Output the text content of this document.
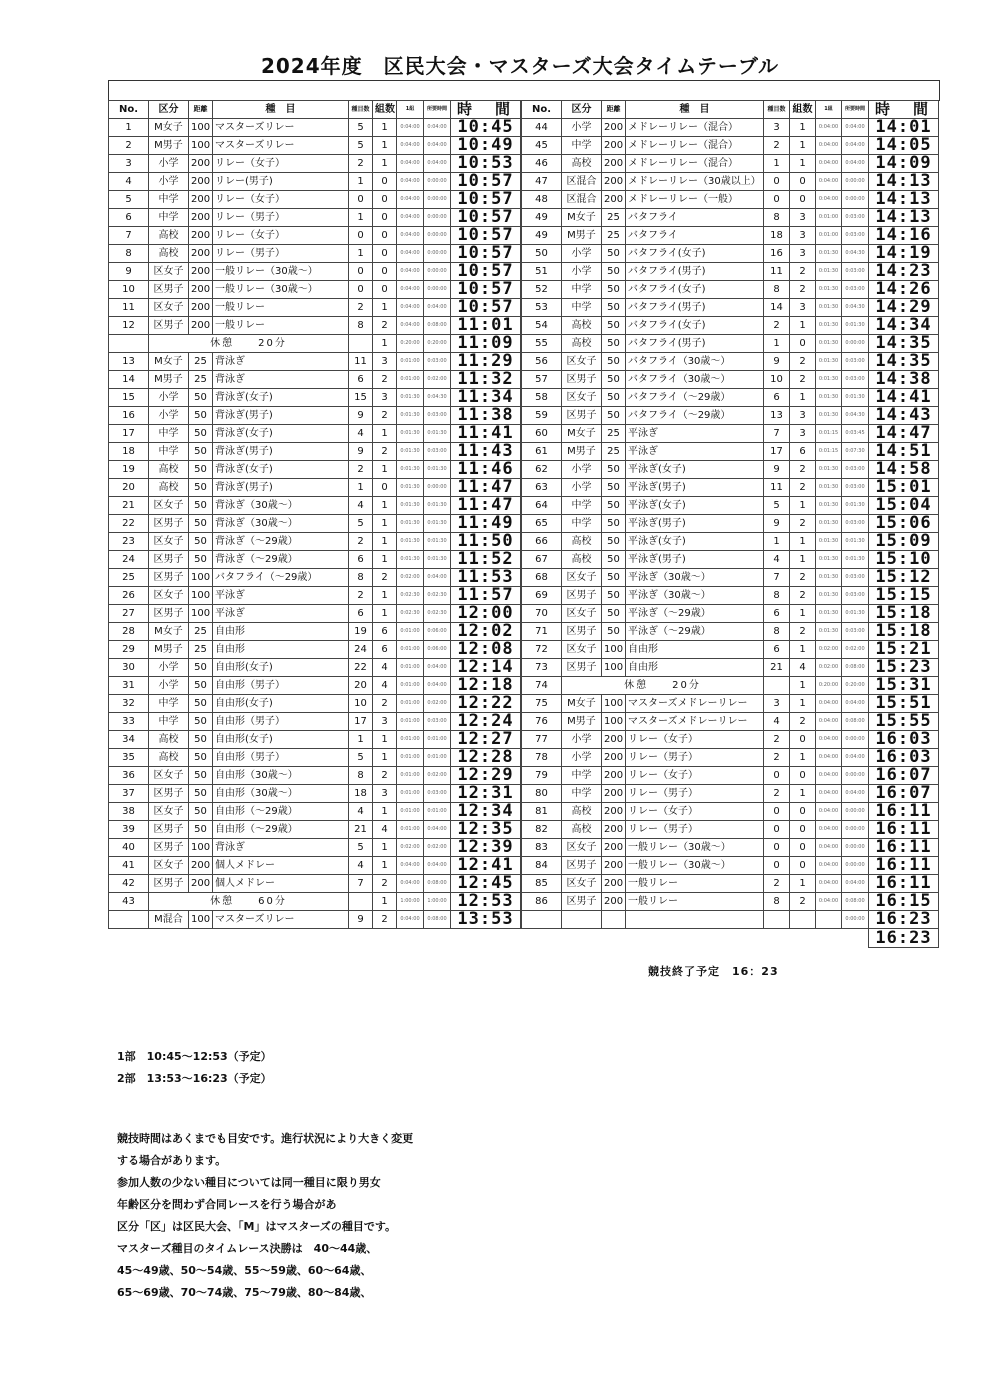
2024年度　区民大会・マスターズ大会タイムテーブル
No.	区分	距離	種　目	種目数	組数	1組	所要時間	時　間
1	M女子	100	マスターズリレー	5	1	0:04:00	0:04:00	10:45
2	M男子	100	マスターズリレー	5	1	0:04:00	0:04:00	10:49
3	小学	200	リレー（女子）	2	1	0:04:00	0:04:00	10:53
4	小学	200	リレー(男子)	1	0	0:04:00	0:00:00	10:57
5	中学	200	リレー（女子）	0	0	0:04:00	0:00:00	10:57
6	中学	200	リレー（男子）	1	0	0:04:00	0:00:00	10:57
7	高校	200	リレー（女子）	0	0	0:04:00	0:00:00	10:57
8	高校	200	リレー（男子）	1	0	0:04:00	0:00:00	10:57
9	区女子	200	一般リレー（30歳～）	0	0	0:04:00	0:00:00	10:57
10	区男子	200	一般リレー（30歳～）	0	0	0:04:00	0:00:00	10:57
11	区女子	200	一般リレー	2	1	0:04:00	0:04:00	10:57
12	区男子	200	一般リレー	8	2	0:04:00	0:08:00	11:01
	休憩　　20分				1	0:20:00	0:20:00	11:09
13	M女子	25	背泳ぎ	11	3	0:01:00	0:03:00	11:29
14	M男子	25	背泳ぎ	6	2	0:01:00	0:02:00	11:32
15	小学	50	背泳ぎ(女子)	15	3	0:01:30	0:04:30	11:34
16	小学	50	背泳ぎ(男子)	9	2	0:01:30	0:03:00	11:38
17	中学	50	背泳ぎ(女子)	4	1	0:01:30	0:01:30	11:41
18	中学	50	背泳ぎ(男子)	9	2	0:01:30	0:03:00	11:43
19	高校	50	背泳ぎ(女子)	2	1	0:01:30	0:01:30	11:46
20	高校	50	背泳ぎ(男子)	1	0	0:01:30	0:00:00	11:47
21	区女子	50	背泳ぎ（30歳～）	4	1	0:01:30	0:01:30	11:47
22	区男子	50	背泳ぎ（30歳～）	5	1	0:01:30	0:01:30	11:49
23	区女子	50	背泳ぎ（～29歳）	2	1	0:01:30	0:01:30	11:50
24	区男子	50	背泳ぎ（～29歳）	6	1	0:01:30	0:01:30	11:52
25	区男子	100	バタフライ（～29歳）	8	2	0:02:00	0:04:00	11:53
26	区女子	100	平泳ぎ	2	1	0:02:30	0:02:30	11:57
27	区男子	100	平泳ぎ	6	1	0:02:30	0:02:30	12:00
28	M女子	25	自由形	19	6	0:01:00	0:06:00	12:02
29	M男子	25	自由形	24	6	0:01:00	0:06:00	12:08
30	小学	50	自由形(女子)	22	4	0:01:00	0:04:00	12:14
31	小学	50	自由形（男子）	20	4	0:01:00	0:04:00	12:18
32	中学	50	自由形(女子)	10	2	0:01:00	0:02:00	12:22
33	中学	50	自由形（男子）	17	3	0:01:00	0:03:00	12:24
34	高校	50	自由形(女子)	1	1	0:01:00	0:01:00	12:27
35	高校	50	自由形（男子）	5	1	0:01:00	0:01:00	12:28
36	区女子	50	自由形（30歳～）	8	2	0:01:00	0:02:00	12:29
37	区男子	50	自由形（30歳～）	18	3	0:01:00	0:03:00	12:31
38	区女子	50	自由形（～29歳）	4	1	0:01:00	0:01:00	12:34
39	区男子	50	自由形（～29歳）	21	4	0:01:00	0:04:00	12:35
40	区男子	100	背泳ぎ	5	1	0:02:00	0:02:00	12:39
41	区女子	200	個人メドレー	4	1	0:04:00	0:04:00	12:41
42	区男子	200	個人メドレー	7	2	0:04:00	0:08:00	12:45
43	休憩　　60分				1	1:00:00	1:00:00	12:53
	M混合	100	マスターズリレー	9	2	0:04:00	0:08:00	13:53
No.	区分	距離	種　目	種目数	組数	1組	所要時間	時　間
44	小学	200	メドレーリレー（混合）	3	1	0:04:00	0:04:00	14:01
45	中学	200	メドレーリレー（混合）	2	1	0:04:00	0:04:00	14:05
46	高校	200	メドレーリレー（混合）	1	1	0:04:00	0:04:00	14:09
47	区混合	200	メドレーリレー（30歳以上）	0	0	0:04:00	0:00:00	14:13
48	区混合	200	メドレーリレー（一般）	0	0	0:04:00	0:00:00	14:13
49	M女子	25	バタフライ	8	3	0:01:00	0:03:00	14:13
49	M男子	25	バタフライ	18	3	0:01:00	0:03:00	14:16
50	小学	50	バタフライ(女子)	16	3	0:01:30	0:04:30	14:19
51	小学	50	バタフライ(男子)	11	2	0:01:30	0:03:00	14:23
52	中学	50	バタフライ(女子)	8	2	0:01:30	0:03:00	14:26
53	中学	50	バタフライ(男子)	14	3	0:01:30	0:04:30	14:29
54	高校	50	バタフライ(女子)	2	1	0:01:30	0:01:30	14:34
55	高校	50	バタフライ(男子)	1	0	0:01:30	0:00:00	14:35
56	区女子	50	バタフライ（30歳～）	9	2	0:01:30	0:03:00	14:35
57	区男子	50	バタフライ（30歳～）	10	2	0:01:30	0:03:00	14:38
58	区女子	50	バタフライ（～29歳）	6	1	0:01:30	0:01:30	14:41
59	区男子	50	バタフライ（～29歳）	13	3	0:01:30	0:04:30	14:43
60	M女子	25	平泳ぎ	7	3	0:01:15	0:03:45	14:47
61	M男子	25	平泳ぎ	17	6	0:01:15	0:07:30	14:51
62	小学	50	平泳ぎ(女子)	9	2	0:01:30	0:03:00	14:58
63	小学	50	平泳ぎ(男子)	11	2	0:01:30	0:03:00	15:01
64	中学	50	平泳ぎ(女子)	5	1	0:01:30	0:01:30	15:04
65	中学	50	平泳ぎ(男子)	9	2	0:01:30	0:03:00	15:06
66	高校	50	平泳ぎ(女子)	1	1	0:01:30	0:01:30	15:09
67	高校	50	平泳ぎ(男子)	4	1	0:01:30	0:01:30	15:10
68	区女子	50	平泳ぎ（30歳～）	7	2	0:01:30	0:03:00	15:12
69	区男子	50	平泳ぎ（30歳～）	8	2	0:01:30	0:03:00	15:15
70	区女子	50	平泳ぎ（～29歳）	6	1	0:01:30	0:01:30	15:18
71	区男子	50	平泳ぎ（～29歳）	8	2	0:01:30	0:03:00	15:18
72	区女子	100	自由形	6	1	0:02:00	0:02:00	15:21
73	区男子	100	自由形	21	4	0:02:00	0:08:00	15:23
74	休憩　　20分				1	0:20:00	0:20:00	15:31
75	M女子	100	マスターズメドレーリレー	3	1	0:04:00	0:04:00	15:51
76	M男子	100	マスターズメドレーリレー	4	2	0:04:00	0:08:00	15:55
77	小学	200	リレー（女子）	2	0	0:04:00	0:00:00	16:03
78	小学	200	リレー（男子）	2	1	0:04:00	0:04:00	16:03
79	中学	200	リレー（女子）	0	0	0:04:00	0:00:00	16:07
80	中学	200	リレー（男子）	2	1	0:04:00	0:04:00	16:07
81	高校	200	リレー（女子）	0	0	0:04:00	0:00:00	16:11
82	高校	200	リレー（男子）	0	0	0:04:00	0:00:00	16:11
83	区女子	200	一般リレー（30歳～）	0	0	0:04:00	0:00:00	16:11
84	区男子	200	一般リレー（30歳～）	0	0	0:04:00	0:00:00	16:11
85	区女子	200	一般リレー	2	1	0:04:00	0:04:00	16:11
86	区男子	200	一般リレー	8	2	0:04:00	0:08:00	16:15
							0:00:00	16:23
								16:23
競技終了予定　16：23
1部　10:45～12:53（予定）
2部　13:53～16:23（予定）
競技時間はあくまでも目安です。進行状況により大きく変更
する場合があります。
参加人数の少ない種目については同一種目に限り男女
年齢区分を問わず合同レースを行う場合があ
区分「区」は区民大会、「M」はマスターズの種目です。
マスターズ種目のタイムレース決勝は　40～44歳、
45～49歳、50～54歳、55～59歳、60～64歳、
65～69歳、70～74歳、75～79歳、80～84歳、
